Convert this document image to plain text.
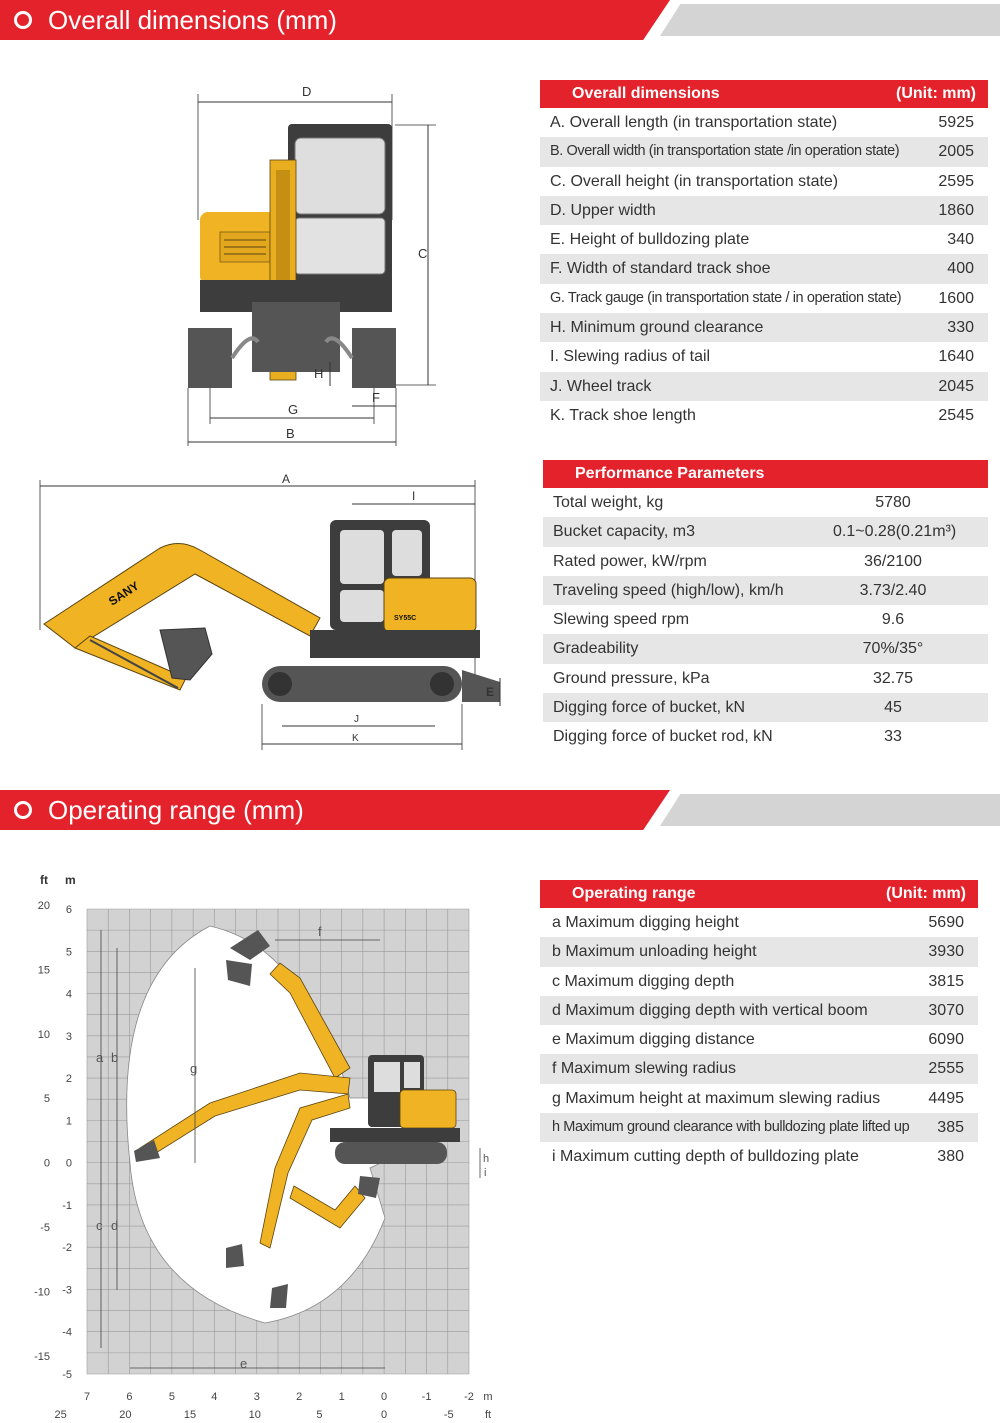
Overall dimensions (mm)
D
C
H
F
G
B
Overall dimensions	(Unit: mm)
A. Overall length (in transportation state)	5925
B. Overall width (in transportation state /in operation state) 2005
C. Overall height (in transportation state)	2595
D. Upper width	1860
E. Height of bulldozing plate	340
F. Width of standard track shoe	400
G. Track gauge (in transportation state / in operation state) 1600
H. Minimum ground clearance	330
I. Slewing radius of tail	1640
J. Wheel track	2045
K. Track shoe length	2545
A
I
SANY
SY55C
E
J
K
Performance Parameters
Total weight, kg	5780
Bucket capacity, m3	0.1~0.28(0.21m³)
Rated power, kW/rpm	36/2100
Traveling speed (high/low), km/h	3.73/2.40
Slewing speed rpm	9.6
Gradeability	70%/35°
Ground pressure, kPa	32.75
Digging force of bucket, kN	45
Digging force of bucket rod, kN	33
Operating range (mm)
ft m
a b
c d
e
f
g
h
i
6
5
4
3
2
1
0
-1
-2
-3
-4
-5
20
15
10
5
0
-5
-10
-15
7	6	5	4	3	2	1	0	-1	-2
25	20	15	10	5	0	-5
m
ft
Operating range	(Unit: mm)
a Maximum digging height	5690
b Maximum unloading height	3930
c Maximum digging depth	3815
d Maximum digging depth with vertical boom	3070
e Maximum digging distance	6090
f Maximum slewing radius	2555
g Maximum height at maximum slewing radius	4495
h Maximum ground clearance with bulldozing plate lifted up 385
i Maximum cutting depth of bulldozing plate	380
